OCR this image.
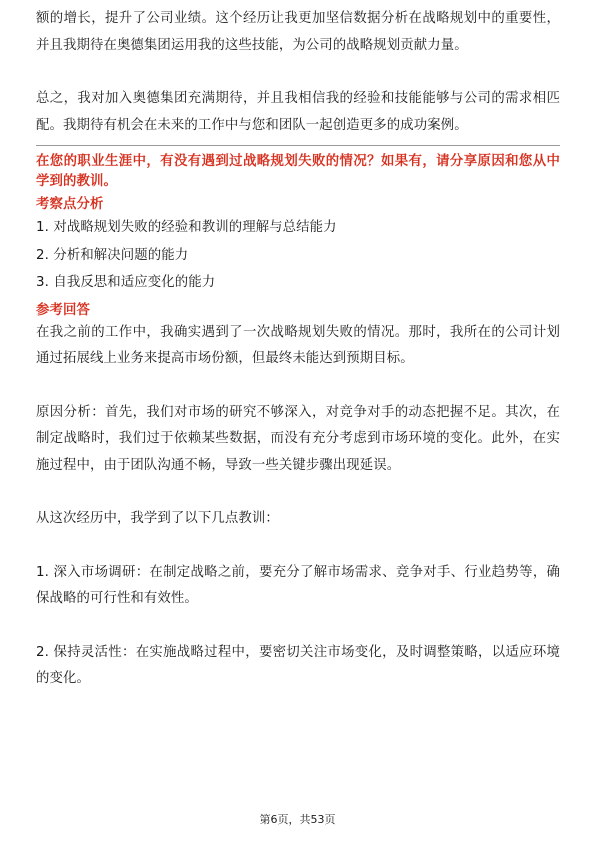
额的增长，提升了公司业绩。这个经历让我更加坚信数据分析在战略规划中的重要性，并且我期待在奥德集团运用我的这些技能，为公司的战略规划贡献力量。

总之，我对加入奥德集团充满期待，并且我相信我的经验和技能能够与公司的需求相匹配。我期待有机会在未来的工作中与您和团队一起创造更多的成功案例。

在您的职业生涯中，有没有遇到过战略规划失败的情况？如果有，请分享原因和您从中学到的教训。

考察点分析

1. 对战略规划失败的经验和教训的理解与总结能力

2. 分析和解决问题的能力

3. 自我反思和适应变化的能力

参考回答

在我之前的工作中，我确实遇到了一次战略规划失败的情况。那时，我所在的公司计划通过拓展线上业务来提高市场份额，但最终未能达到预期目标。

原因分析：首先，我们对市场的研究不够深入，对竞争对手的动态把握不足。其次，在制定战略时，我们过于依赖某些数据，而没有充分考虑到市场环境的变化。此外，在实施过程中，由于团队沟通不畅，导致一些关键步骤出现延误。

从这次经历中，我学到了以下几点教训：

1. 深入市场调研：在制定战略之前，要充分了解市场需求、竞争对手、行业趋势等，确保战略的可行性和有效性。

2. 保持灵活性：在实施战略过程中，要密切关注市场变化，及时调整策略，以适应环境的变化。

第6页，共53页
